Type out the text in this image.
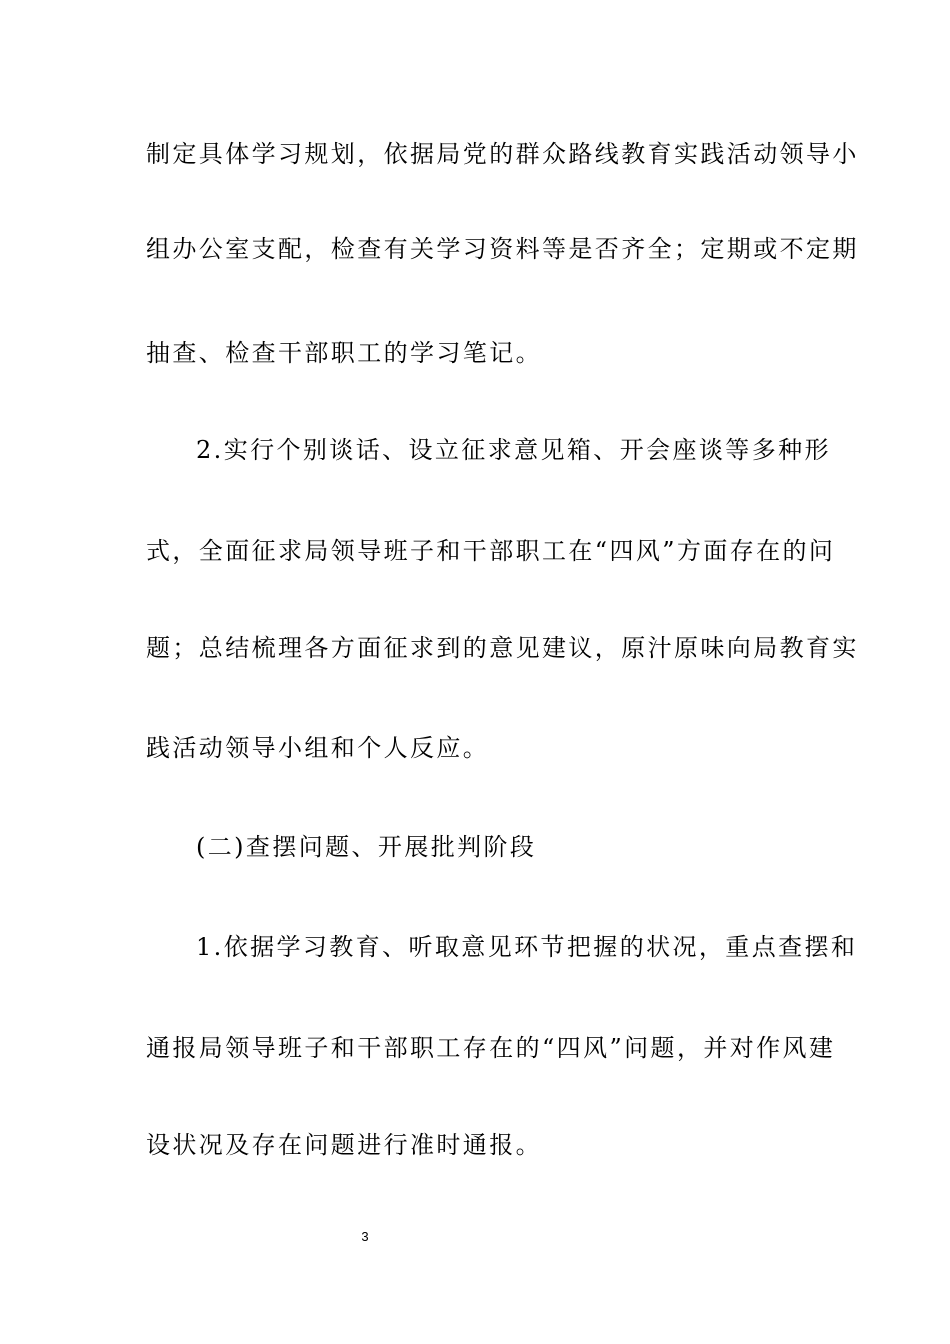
制定具体学习规划，依据局党的群众路线教育实践活动领导小
组办公室支配，检查有关学习资料等是否齐全；定期或不定期
抽查、检查干部职工的学习笔记。
2.实行个别谈话、设立征求意见箱、开会座谈等多种形
式，全面征求局领导班子和干部职工在“四风”方面存在的问
题；总结梳理各方面征求到的意见建议，原汁原味向局教育实
践活动领导小组和个人反应。
(二)查摆问题、开展批判阶段
1.依据学习教育、听取意见环节把握的状况，重点查摆和
通报局领导班子和干部职工存在的“四风”问题，并对作风建
设状况及存在问题进行准时通报。
3
